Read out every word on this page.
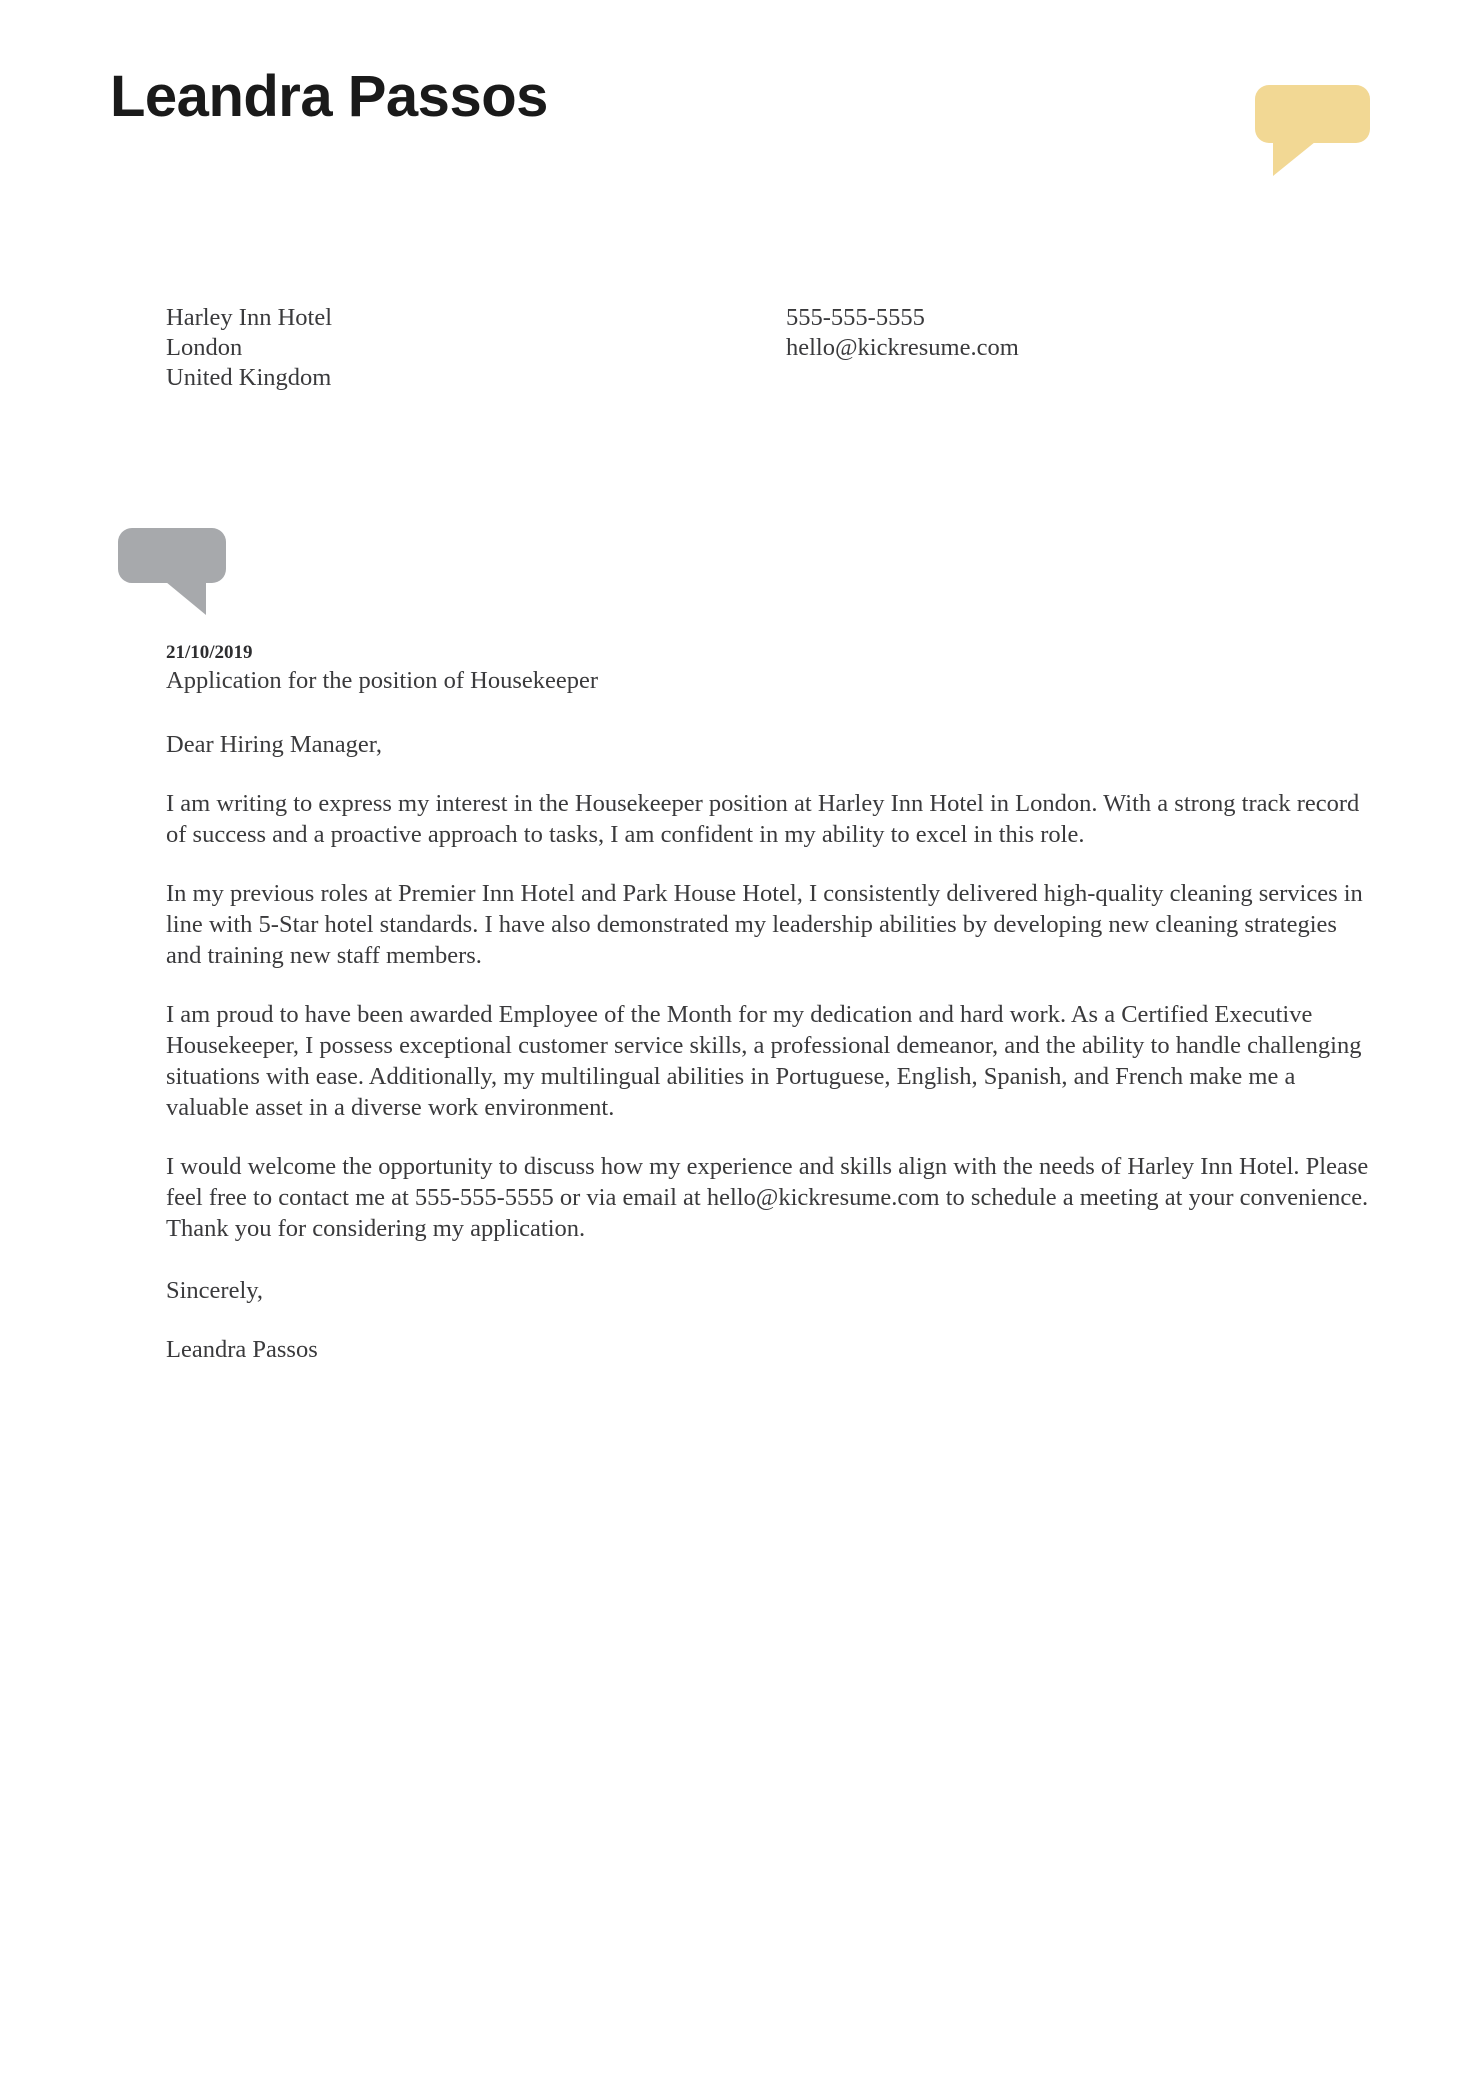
Leandra Passos
Harley Inn Hotel
London
United Kingdom
555-555-5555
hello@kickresume.com
21/10/2019
Application for the position of Housekeeper
Dear Hiring Manager,
I am writing to express my interest in the Housekeeper position at Harley Inn Hotel in London. With a strong track record of success and a proactive approach to tasks, I am confident in my ability to excel in this role.
In my previous roles at Premier Inn Hotel and Park House Hotel, I consistently delivered high-quality cleaning services in line with 5-Star hotel standards. I have also demonstrated my leadership abilities by developing new cleaning strategies and training new staff members.
I am proud to have been awarded Employee of the Month for my dedication and hard work. As a Certified Executive Housekeeper, I possess exceptional customer service skills, a professional demeanor, and the ability to handle challenging situations with ease. Additionally, my multilingual abilities in Portuguese, English, Spanish, and French make me a valuable asset in a diverse work environment.
I would welcome the opportunity to discuss how my experience and skills align with the needs of Harley Inn Hotel. Please feel free to contact me at 555-555-5555 or via email at hello@kickresume.com to schedule a meeting at your convenience. Thank you for considering my application.
Sincerely,
Leandra Passos
